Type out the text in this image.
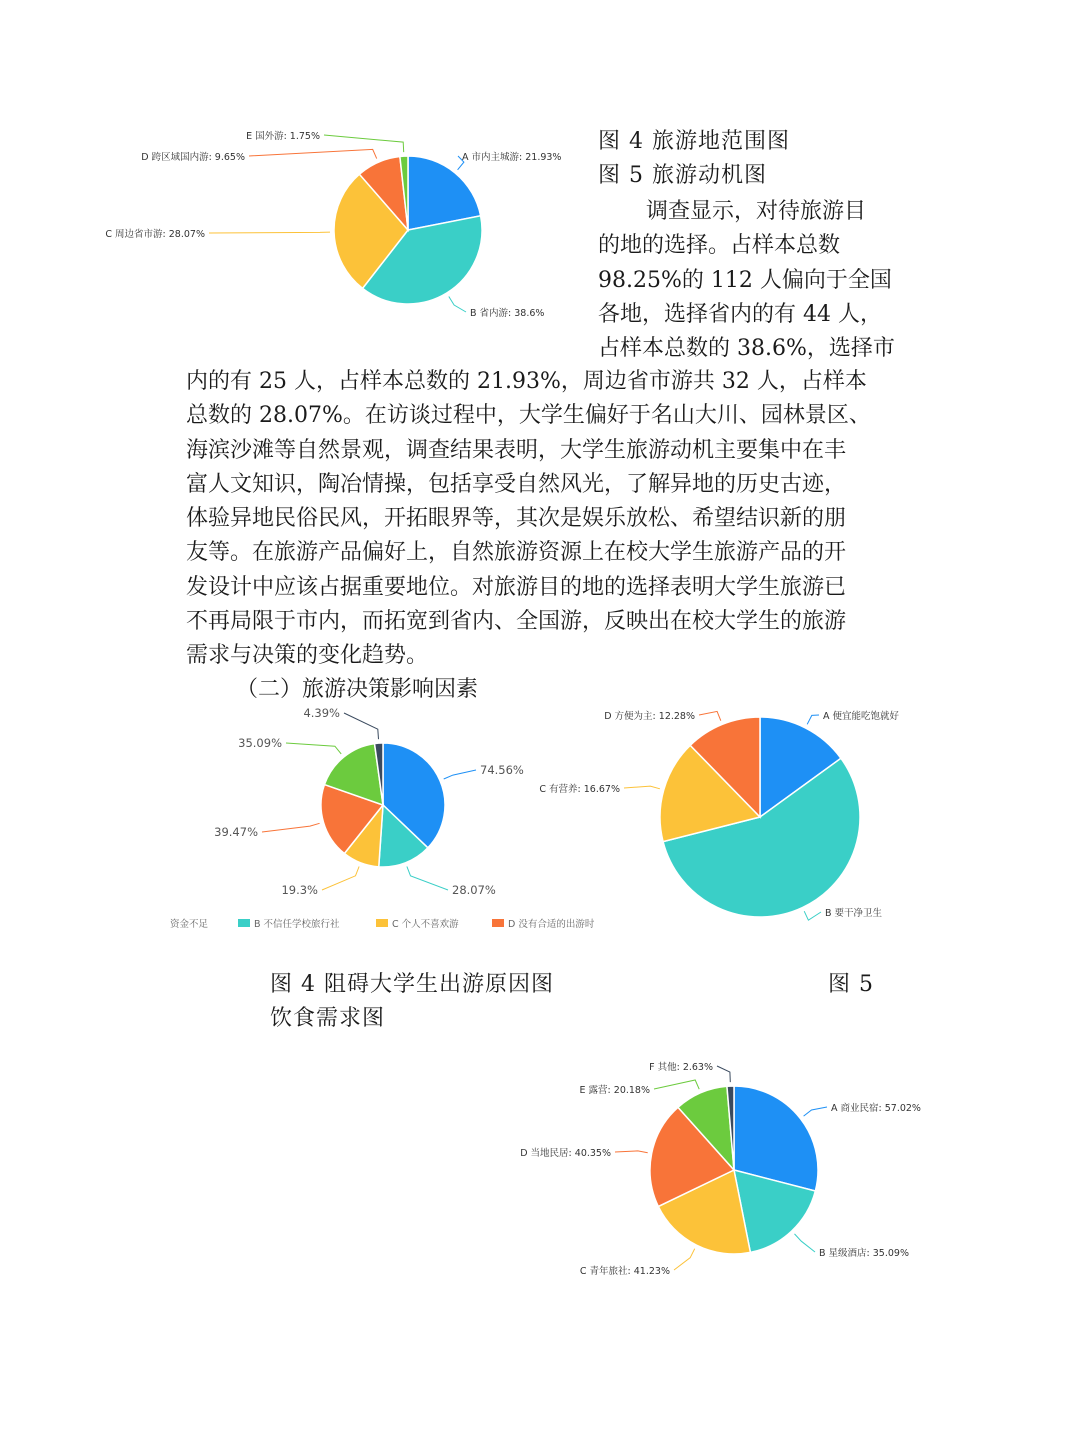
A 市内主城游: 21.93%
B 省内游: 38.6%
C 周边省市游: 28.07%
D 跨区域国内游: 9.65%
E 国外游: 1.75%	图 4 旅游地范围图
图 5 旅游动机图
调查显示，对待旅游目
的地的选择。占样本总数
98.25%的 112 人偏向于全国
各地，选择省内的有 44 人，
占样本总数的 38.6%，选择市
内的有 25 人，占样本总数的 21.93%，周边省市游共 32 人，占样本
总数的 28.07%。在访谈过程中，大学生偏好于名山大川、园林景区、
海滨沙滩等自然景观，调查结果表明，大学生旅游动机主要集中在丰
富人文知识，陶冶情操，包括享受自然风光，了解异地的历史古迹，
体验异地民俗民风，开拓眼界等，其次是娱乐放松、希望结识新的朋
友等。在旅游产品偏好上，自然旅游资源上在校大学生旅游产品的开
发设计中应该占据重要地位。对旅游目的地的选择表明大学生旅游已
不再局限于市内，而拓宽到省内、全国游，反映出在校大学生的旅游
需求与决策的变化趋势。
（二）旅游决策影响因素
74.56%
28.07%
19.3%
39.47%
35.09%
4.39%
资金不足	B 不信任学校旅行社	C 个人不喜欢游	D 没有合适的出游时
A 便宜能吃饱就好
B 要干净卫生
C 有营养: 16.67%
D 方便为主: 12.28%
图 4 阻碍大学生出游原因图	图 5
饮食需求图
A 商业民宿: 57.02%
B 星级酒店: 35.09%
C 青年旅社: 41.23%
D 当地民居: 40.35%
E 露营: 20.18%
F 其他: 2.63%
